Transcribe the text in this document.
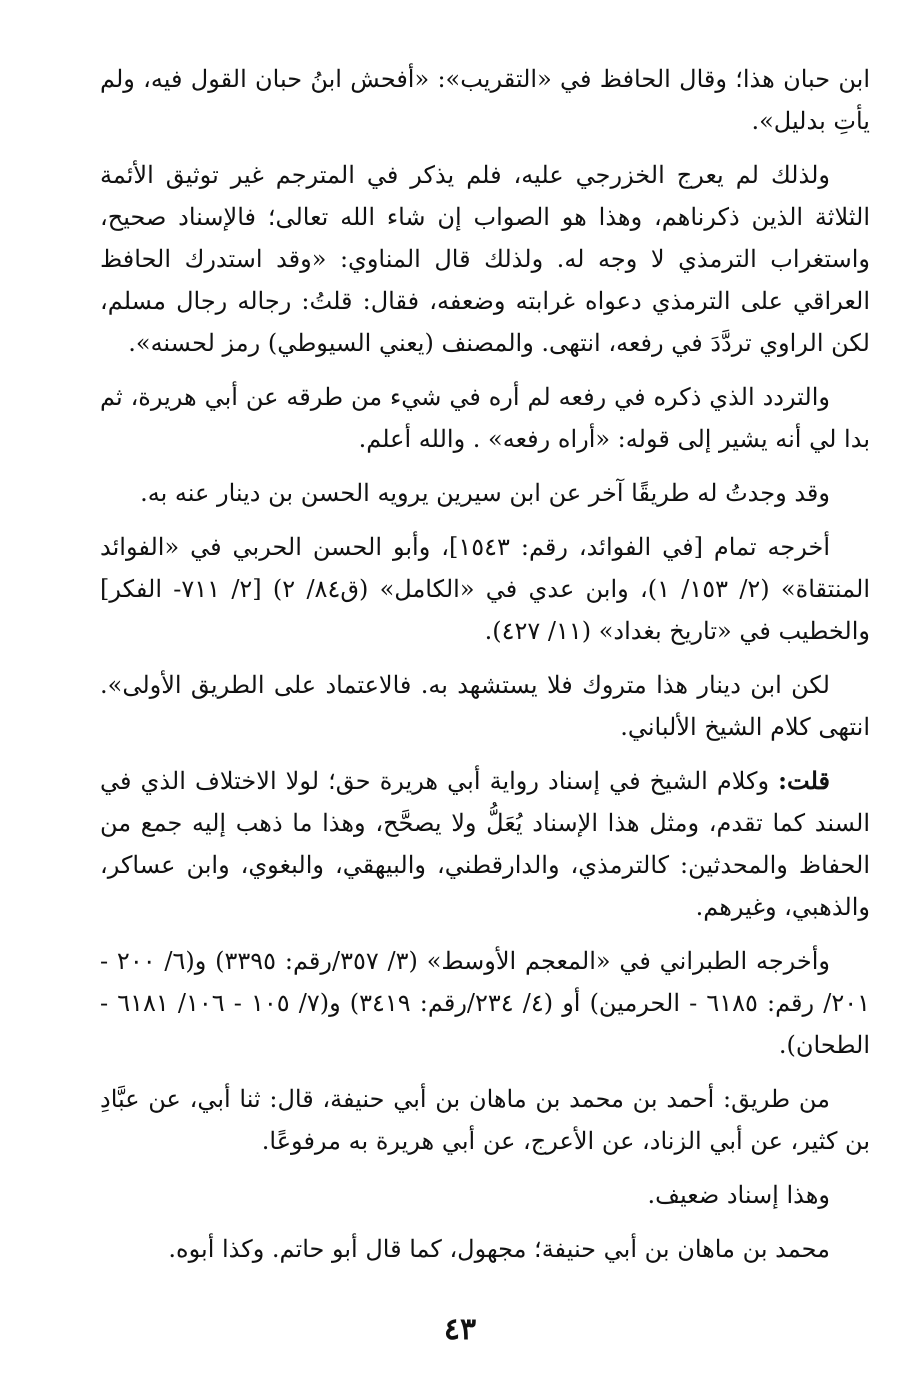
ابن حبان هذا؛ وقال الحافظ في «التقريب»: «أفحش ابنُ حبان القول فيه، ولم يأتِ بدليل».

ولذلك لم يعرج الخزرجي عليه، فلم يذكر في المترجم غير توثيق الأئمة الثلاثة الذين ذكرناهم، وهذا هو الصواب إن شاء الله تعالى؛ فالإسناد صحيح، واستغراب الترمذي لا وجه له. ولذلك قال المناوي: «وقد استدرك الحافظ العراقي على الترمذي دعواه غرابته وضعفه، فقال: قلتُ: رجاله رجال مسلم، لكن الراوي تردَّدَ في رفعه، انتهى. والمصنف (يعني السيوطي) رمز لحسنه».

والتردد الذي ذكره في رفعه لم أره في شيء من طرقه عن أبي هريرة، ثم بدا لي أنه يشير إلى قوله: «أراه رفعه» . والله أعلم.

وقد وجدتُ له طريقًا آخر عن ابن سيرين يرويه الحسن بن دينار عنه به.

أخرجه تمام [في الفوائد، رقم: ١٥٤٣]، وأبو الحسن الحربي في «الفوائد المنتقاة» (٢/ ١٥٣/ ١)، وابن عدي في «الكامل» (ق٨٤/ ٢) [٢/ ٧١١- الفكر] والخطيب في «تاريخ بغداد» (١١/ ٤٢٧).

لكن ابن دينار هذا متروك فلا يستشهد به. فالاعتماد على الطريق الأولى». انتهى كلام الشيخ الألباني.

قلت: وكلام الشيخ في إسناد رواية أبي هريرة حق؛ لولا الاختلاف الذي في السند كما تقدم، ومثل هذا الإسناد يُعَلُّ ولا يصحَّح، وهذا ما ذهب إليه جمع من الحفاظ والمحدثين: كالترمذي، والدارقطني، والبيهقي، والبغوي، وابن عساكر، والذهبي، وغيرهم.

وأخرجه الطبراني في «المعجم الأوسط» (٣/ ٣٥٧/رقم: ٣٣٩٥) و(٦/ ٢٠٠ - ٢٠١/ رقم: ٦١٨٥ - الحرمين) أو (٤/ ٢٣٤/رقم: ٣٤١٩) و(٧/ ١٠٥ - ١٠٦/ ٦١٨١ - الطحان).

من طريق: أحمد بن محمد بن ماهان بن أبي حنيفة، قال: ثنا أبي، عن عبَّادِ بن كثير، عن أبي الزناد، عن الأعرج، عن أبي هريرة به مرفوعًا.

وهذا إسناد ضعيف.

محمد بن ماهان بن أبي حنيفة؛ مجهول، كما قال أبو حاتم. وكذا أبوه.

٤٣
